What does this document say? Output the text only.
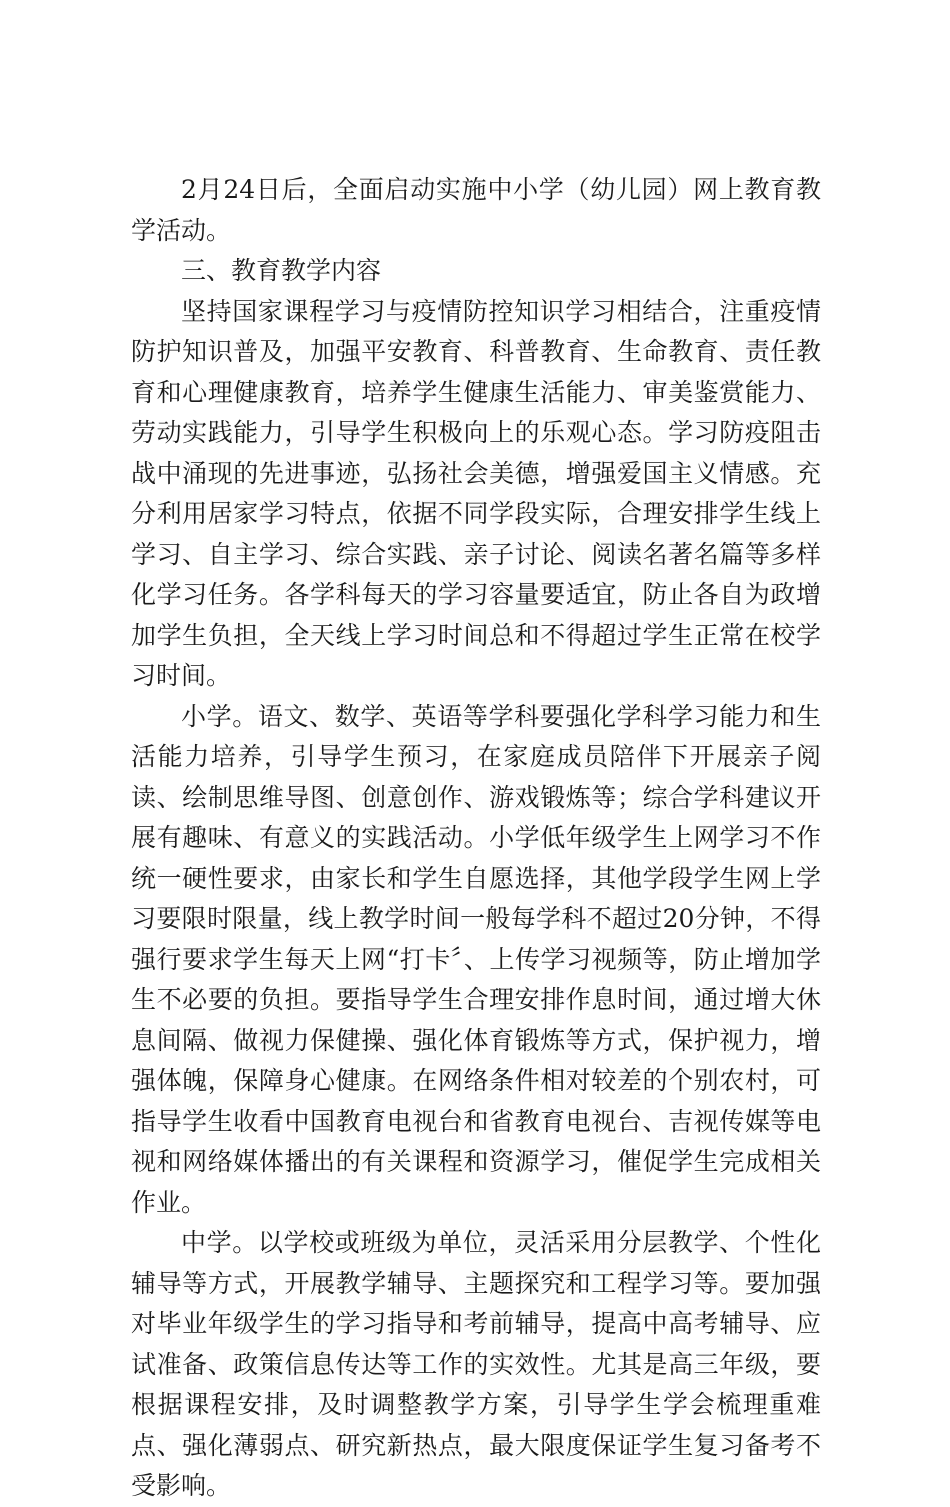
2月24日后，全面启动实施中小学（幼儿园）网上教育教学活动。

三、教育教学内容

坚持国家课程学习与疫情防控知识学习相结合，注重疫情防护知识普及，加强平安教育、科普教育、生命教育、责任教育和心理健康教育，培养学生健康生活能力、审美鉴赏能力、劳动实践能力，引导学生积极向上的乐观心态。学习防疫阻击战中涌现的先进事迹，弘扬社会美德，增强爱国主义情感。充分利用居家学习特点，依据不同学段实际，合理安排学生线上学习、自主学习、综合实践、亲子讨论、阅读名著名篇等多样化学习任务。各学科每天的学习容量要适宜，防止各自为政增加学生负担，全天线上学习时间总和不得超过学生正常在校学习时间。

小学。语文、数学、英语等学科要强化学科学习能力和生活能力培养，引导学生预习，在家庭成员陪伴下开展亲子阅读、绘制思维导图、创意创作、游戏锻炼等；综合学科建议开展有趣味、有意义的实践活动。小学低年级学生上网学习不作统一硬性要求，由家长和学生自愿选择，其他学段学生网上学习要限时限量，线上教学时间一般每学科不超过20分钟，不得强行要求学生每天上网“打卡〞、上传学习视频等，防止增加学生不必要的负担。要指导学生合理安排作息时间，通过增大休息间隔、做视力保健操、强化体育锻炼等方式，保护视力，增强体魄，保障身心健康。在网络条件相对较差的个别农村，可指导学生收看中国教育电视台和省教育电视台、吉视传媒等电视和网络媒体播出的有关课程和资源学习，催促学生完成相关作业。

中学。以学校或班级为单位，灵活采用分层教学、个性化辅导等方式，开展教学辅导、主题探究和工程学习等。要加强对毕业年级学生的学习指导和考前辅导，提高中高考辅导、应试准备、政策信息传达等工作的实效性。尤其是高三年级，要根据课程安排，及时调整教学方案，引导学生学会梳理重难点、强化薄弱点、研究新热点，最大限度保证学生复习备考不受影响。
